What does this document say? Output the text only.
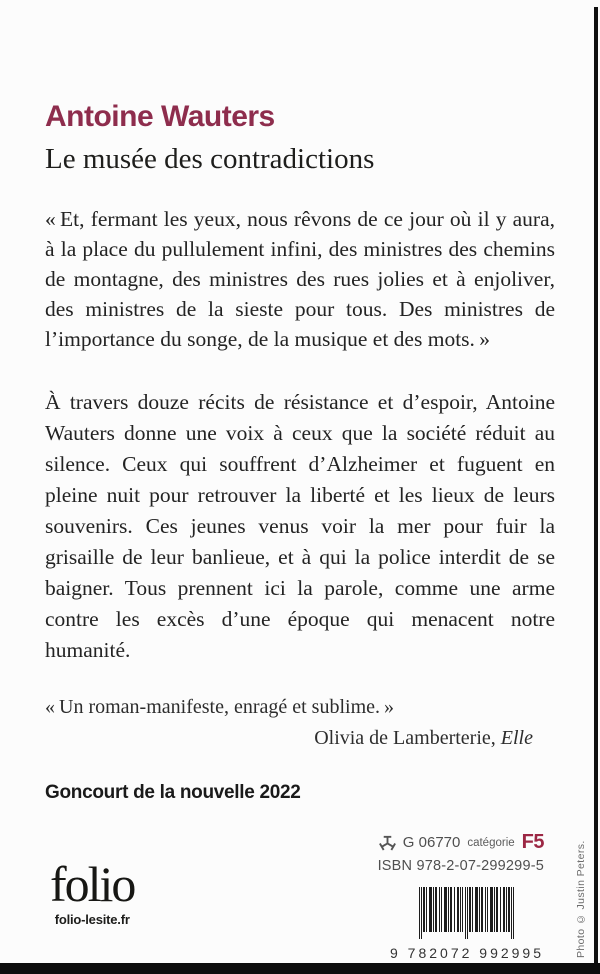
Antoine Wauters
Le musée des contradictions

« Et, fermant les yeux, nous rêvons de ce jour où il y aura, à la place du pullulement infini, des ministres des chemins de montagne, des ministres des rues jolies et à enjoliver, des ministres de la sieste pour tous. Des ministres de l’importance du songe, de la musique et des mots. »

À travers douze récits de résistance et d’espoir, Antoine Wauters donne une voix à ceux que la société réduit au silence. Ceux qui souffrent d’Alzheimer et fuguent en pleine nuit pour retrouver la liberté et les lieux de leurs souvenirs. Ces jeunes venus voir la mer pour fuir la grisaille de leur banlieue, et à qui la police interdit de se baigner. Tous prennent ici la parole, comme une arme contre les excès d’une époque qui menacent notre humanité.

« Un roman-manifeste, enragé et sublime. »

Olivia de Lamberterie, Elle

Goncourt de la nouvelle 2022

folio
folio-lesite.fr
G 06770 catégorie F5
ISBN 978-2-07-299299-5
9 782072 992995	Photo © Justin Peters.
